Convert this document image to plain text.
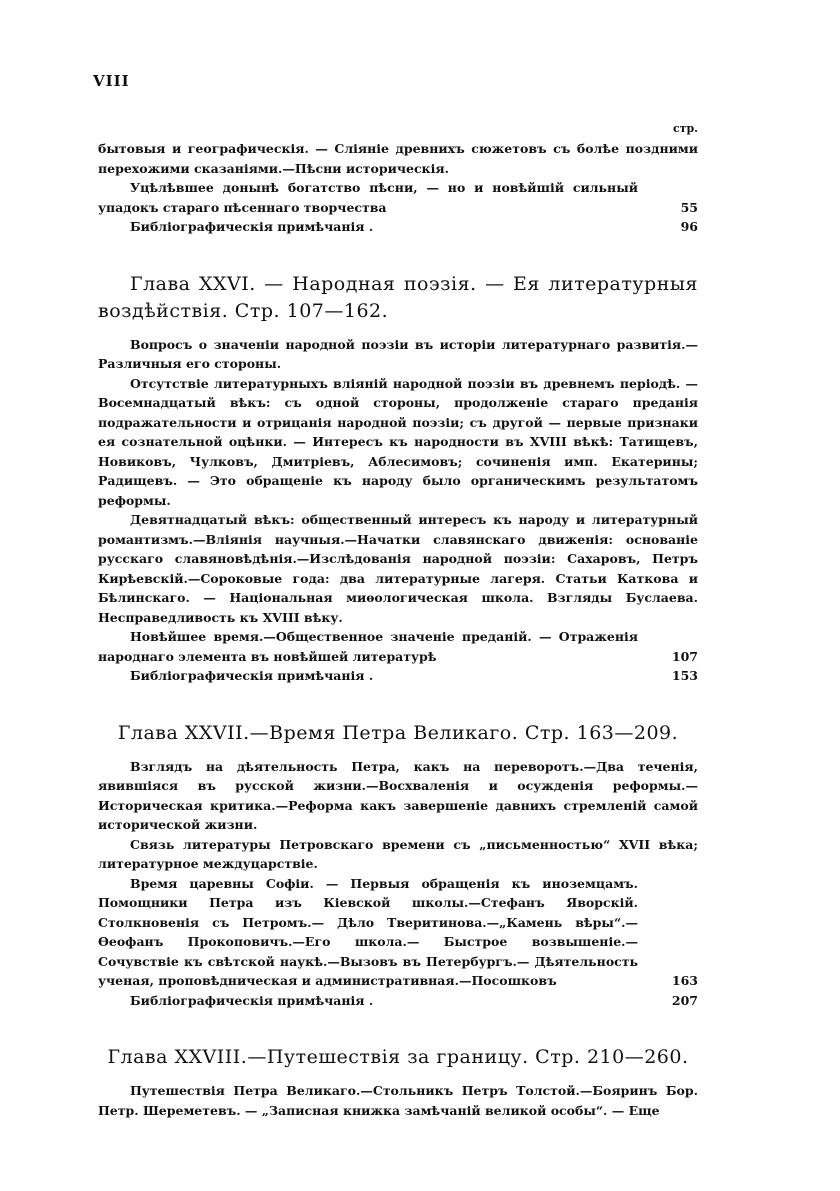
VIII
стр.

бытовыя и географическія. — Сліяніе древнихъ сюжетовъ съ болѣе поздними перехожими сказаніями.—Пѣсни историческія.

Уцѣлѣвшее донынѣ богатство пѣсни, — но и новѣйшій сильный упадокъ стараго пѣсеннаго творчества	55
Библіографическія примѣчанія .	96
Глава XXVI. — Народная поэзія. — Ея литературныя воздѣйствія. Стр. 107—162.

Вопросъ о значеніи народной поэзіи въ исторіи литературнаго развитія.— Различныя его стороны.

Отсутствіе литературныхъ вліяній народной поэзіи въ древнемъ періодѣ. — Восемнадцатый вѣкъ: съ одной стороны, продолженіе стараго преданія подражательности и отрицанія народной поэзіи; съ другой — первые признаки ея сознательной оцѣнки. — Интересъ къ народности въ XVIII вѣкѣ: Татищевъ, Новиковъ, Чулковъ, Дмитріевъ, Аблесимовъ; сочиненія имп. Екатерины; Радищевъ. — Это обращеніе къ народу было органическимъ результатомъ реформы.

Девятнадцатый вѣкъ: общественный интересъ къ народу и литературный романтизмъ.—Вліянія научныя.—Начатки славянскаго движенія: основаніе русскаго славяновѣдѣнія.—Изслѣдованія народной поэзіи: Сахаровъ, Петръ Кирѣевскій.—Сороковые года: два литературные лагеря. Статьи Каткова и Бѣлинскаго. — Національная миѳологическая школа. Взгляды Буслаева. Несправедливость къ XVIII вѣку.

Новѣйшее время.—Общественное значеніе преданій. — Отраженія народнаго элемента въ новѣйшей литературѣ	107
Библіографическія примѣчанія .	153
Глава XXVII.—Время Петра Великаго. Стр. 163—209.

Взглядъ на дѣятельность Петра, какъ на переворотъ.—Два теченія, явившіяся въ русской жизни.—Восхваленія и осужденія реформы.—Историческая критика.—Реформа какъ завершеніе давнихъ стремленій самой исторической жизни.

Связь литературы Петровскаго времени съ „письменностью“ XVII вѣка; литературное междуцарствіе.

Время царевны Софіи. — Первыя обращенія къ иноземцамъ. Помощники Петра изъ Кіевской школы.—Стефанъ Яворскій. Столкновенія съ Петромъ.— Дѣло Тверитинова.—„Камень вѣры“.—Ѳеофанъ Прокоповичъ.—Его школа.— Быстрое возвышеніе.—Сочувствіе къ свѣтской наукѣ.—Вызовъ въ Петербургъ.— Дѣятельность ученая, проповѣдническая и административная.—Посошковъ	163
Библіографическія примѣчанія .	207
Глава XXVIII.—Путешествія за границу. Стр. 210—260.

Путешествія Петра Великаго.—Стольникъ Петръ Толстой.—Бояринъ Бор. Петр. Шереметевъ. — „Записная книжка замѣчаній великой особы“. — Еще
